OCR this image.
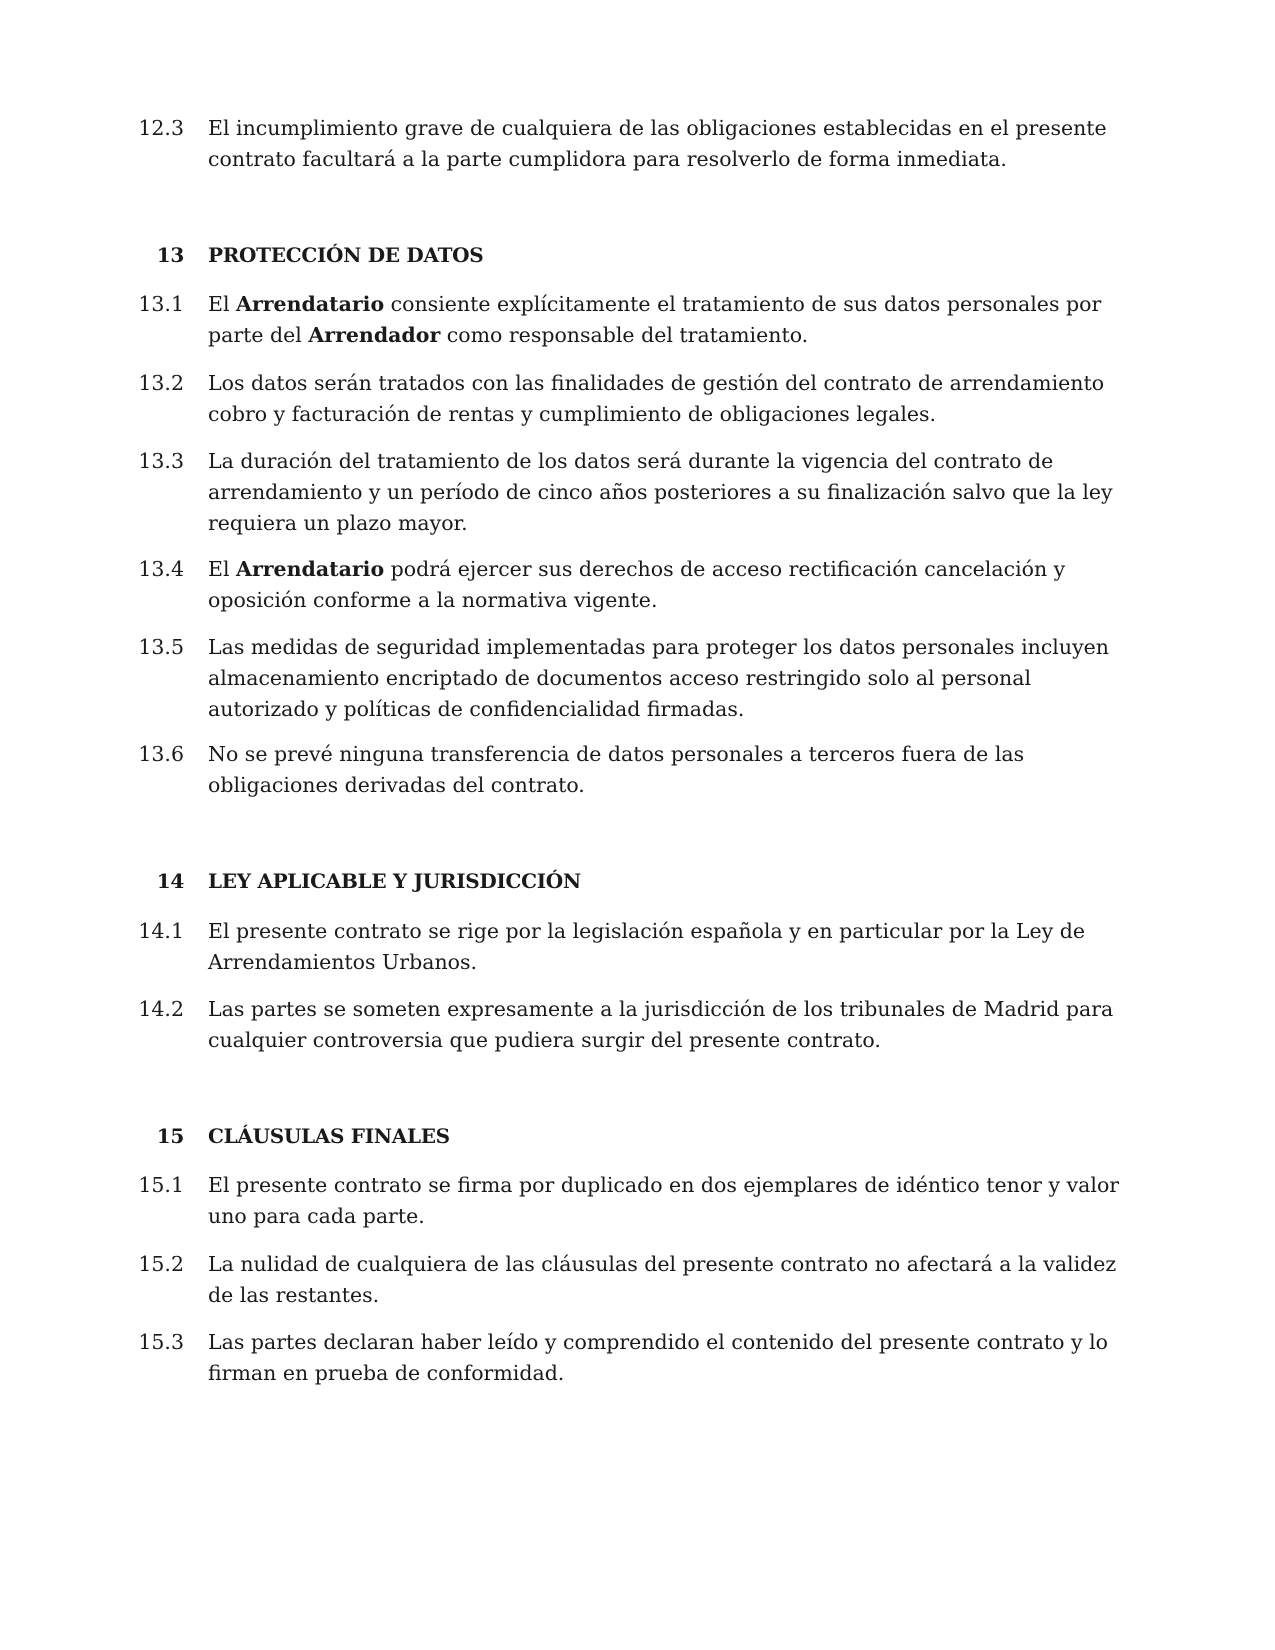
12.3 El incumplimiento grave de cualquiera de las obligaciones establecidas en el presente contrato facultará a la parte cumplidora para resolverlo de forma inmediata.
13 PROTECCIÓN DE DATOS
13.1 El Arrendatario consiente explícitamente el tratamiento de sus datos personales por parte del Arrendador como responsable del tratamiento.
13.2 Los datos serán tratados con las finalidades de gestión del contrato de arrendamiento cobro y facturación de rentas y cumplimiento de obligaciones legales.
13.3 La duración del tratamiento de los datos será durante la vigencia del contrato de arrendamiento y un período de cinco años posteriores a su finalización salvo que la ley requiera un plazo mayor.
13.4 El Arrendatario podrá ejercer sus derechos de acceso rectificación cancelación y oposición conforme a la normativa vigente.
13.5 Las medidas de seguridad implementadas para proteger los datos personales incluyen almacenamiento encriptado de documentos acceso restringido solo al personal autorizado y políticas de confidencialidad firmadas.
13.6 No se prevé ninguna transferencia de datos personales a terceros fuera de las obligaciones derivadas del contrato.
14 LEY APLICABLE Y JURISDICCIÓN
14.1 El presente contrato se rige por la legislación española y en particular por la Ley de Arrendamientos Urbanos.
14.2 Las partes se someten expresamente a la jurisdicción de los tribunales de Madrid para cualquier controversia que pudiera surgir del presente contrato.
15 CLÁUSULAS FINALES
15.1 El presente contrato se firma por duplicado en dos ejemplares de idéntico tenor y valor uno para cada parte.
15.2 La nulidad de cualquiera de las cláusulas del presente contrato no afectará a la validez de las restantes.
15.3 Las partes declaran haber leído y comprendido el contenido del presente contrato y lo firman en prueba de conformidad.
